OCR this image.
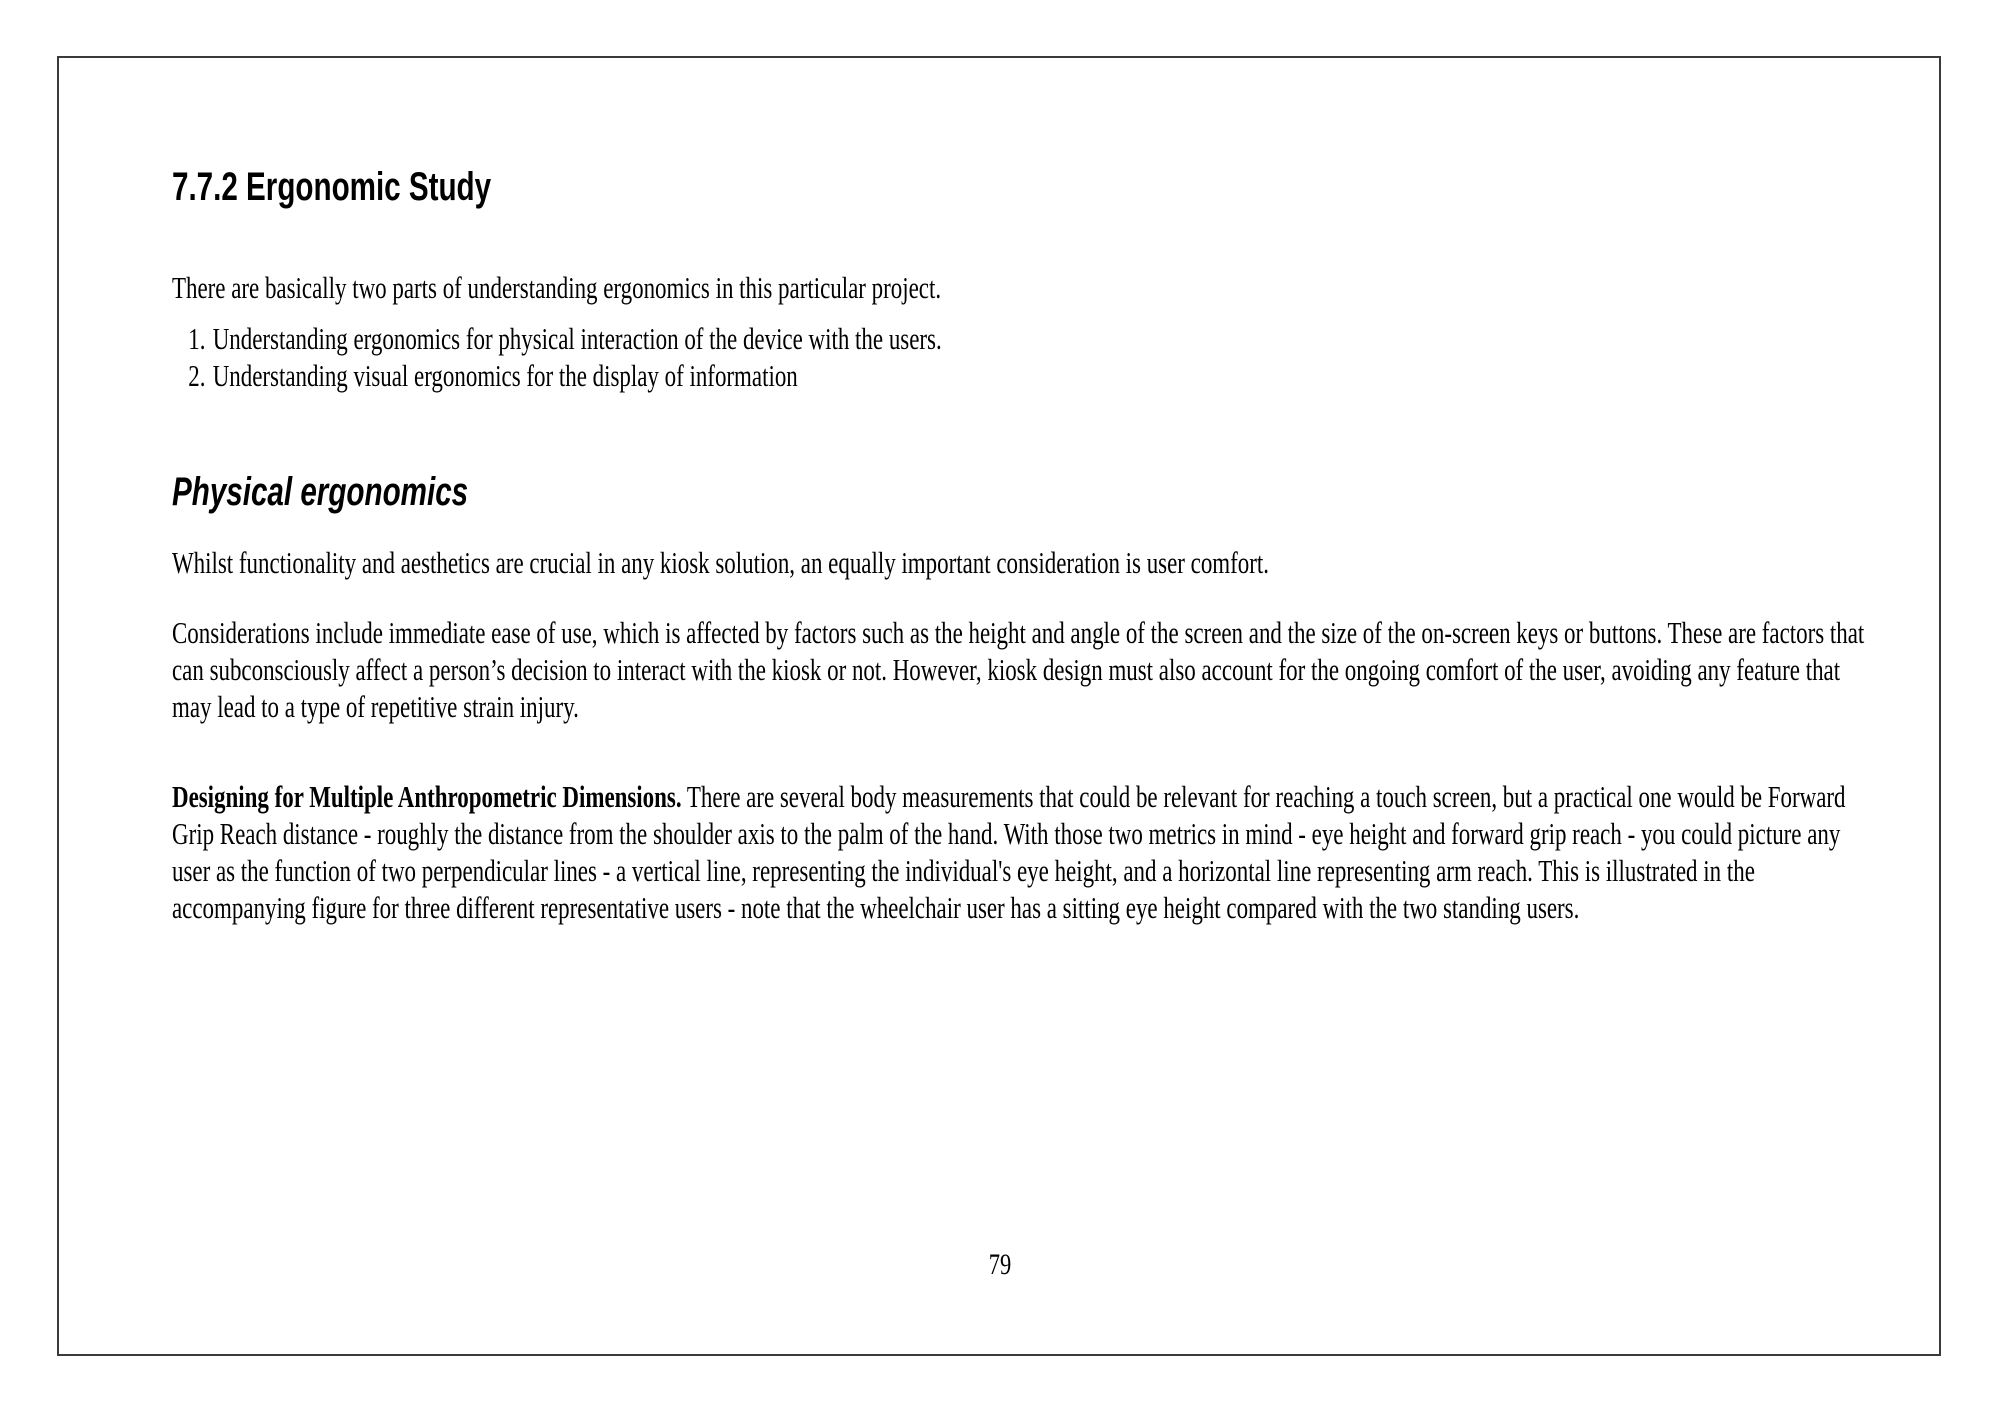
7.7.2 Ergonomic Study

There are basically two parts of understanding ergonomics in this particular project.

1. Understanding ergonomics for physical interaction of the device with the users.
2. Understanding visual ergonomics for the display of information
Physical ergonomics

Whilst functionality and aesthetics are crucial in any kiosk solution, an equally important consideration is user comfort.

Considerations include immediate ease of use, which is affected by factors such as the height and angle of the screen and the size of the on-screen keys or buttons. These are factors that can subconsciously affect a person’s decision to interact with the kiosk or not. However, kiosk design must also account for the ongoing comfort of the user, avoiding any feature that may lead to a type of repetitive strain injury.

Designing for Multiple Anthropometric Dimensions. There are several body measurements that could be relevant for reaching a touch screen, but a practical one would be Forward Grip Reach distance - roughly the distance from the shoulder axis to the palm of the hand. With those two metrics in mind - eye height and forward grip reach - you could picture any user as the function of two perpendicular lines - a vertical line, representing the individual's eye height, and a horizontal line representing arm reach. This is illustrated in the accompanying figure for three different representative users - note that the wheelchair user has a sitting eye height compared with the two standing users.

79
